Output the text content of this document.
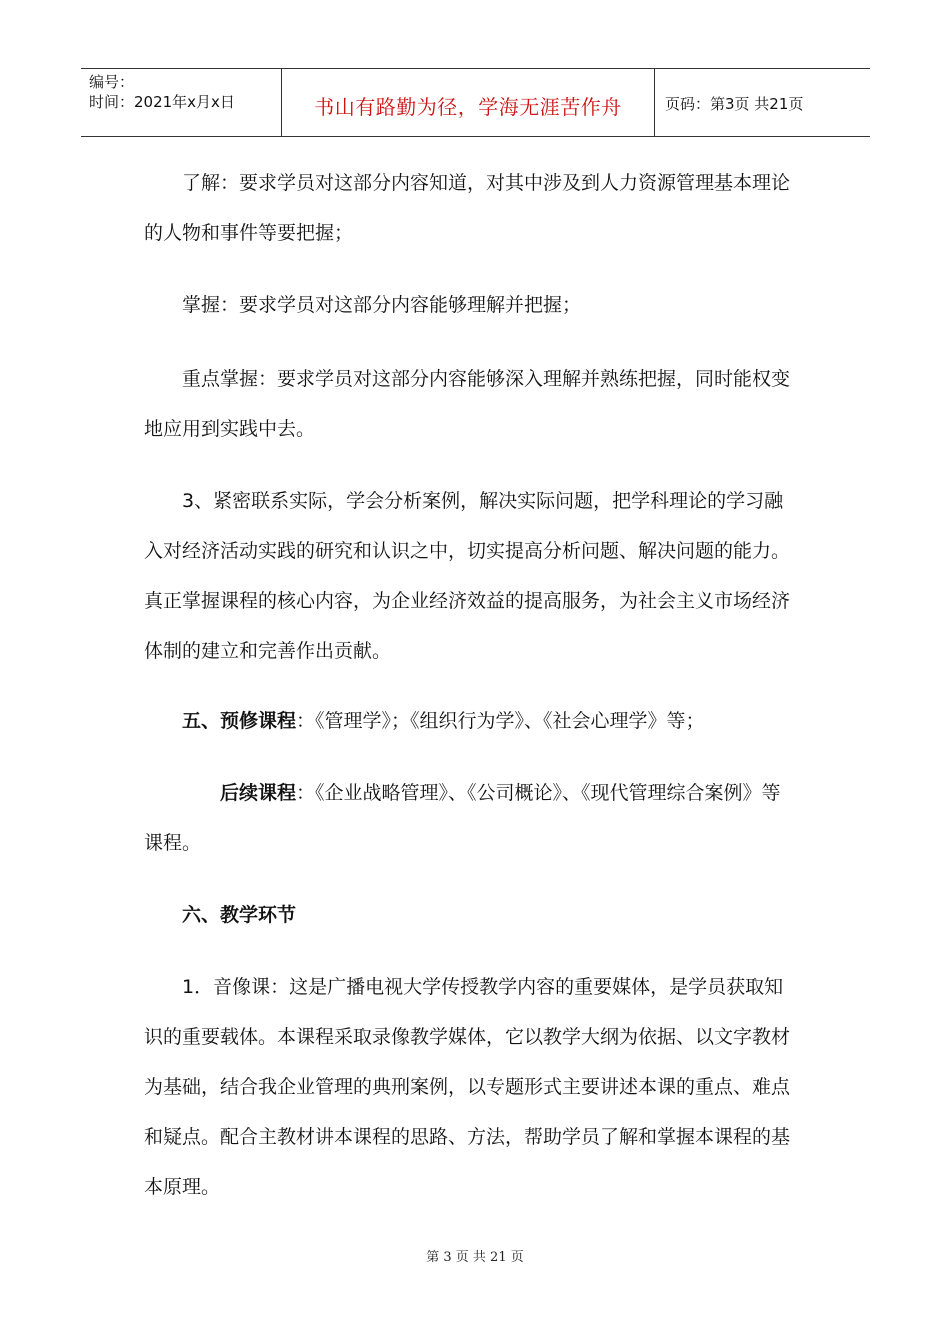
编号：
时间：2021年x月x日	书山有路勤为径，学海无涯苦作舟	页码：第3页 共21页

了解：要求学员对这部分内容知道，对其中涉及到人力资源管理基本理论的人物和事件等要把握；

掌握：要求学员对这部分内容能够理解并把握；

重点掌握：要求学员对这部分内容能够深入理解并熟练把握，同时能权变地应用到实践中去。

3、紧密联系实际，学会分析案例，解决实际问题，把学科理论的学习融入对经济活动实践的研究和认识之中，切实提高分析问题、解决问题的能力。真正掌握课程的核心内容，为企业经济效益的提高服务，为社会主义市场经济体制的建立和完善作出贡献。

五、预修课程：《管理学》；《组织行为学》、《社会心理学》等；

后续课程：《企业战略管理》、《公司概论》、《现代管理综合案例》等课程。

六、教学环节

1．音像课：这是广播电视大学传授教学内容的重要媒体，是学员获取知识的重要载体。本课程采取录像教学媒体，它以教学大纲为依据、以文字教材为基础，结合我企业管理的典刑案例，以专题形式主要讲述本课的重点、难点和疑点。配合主教材讲本课程的思路、方法，帮助学员了解和掌握本课程的基本原理。

第 3 页 共 21 页
